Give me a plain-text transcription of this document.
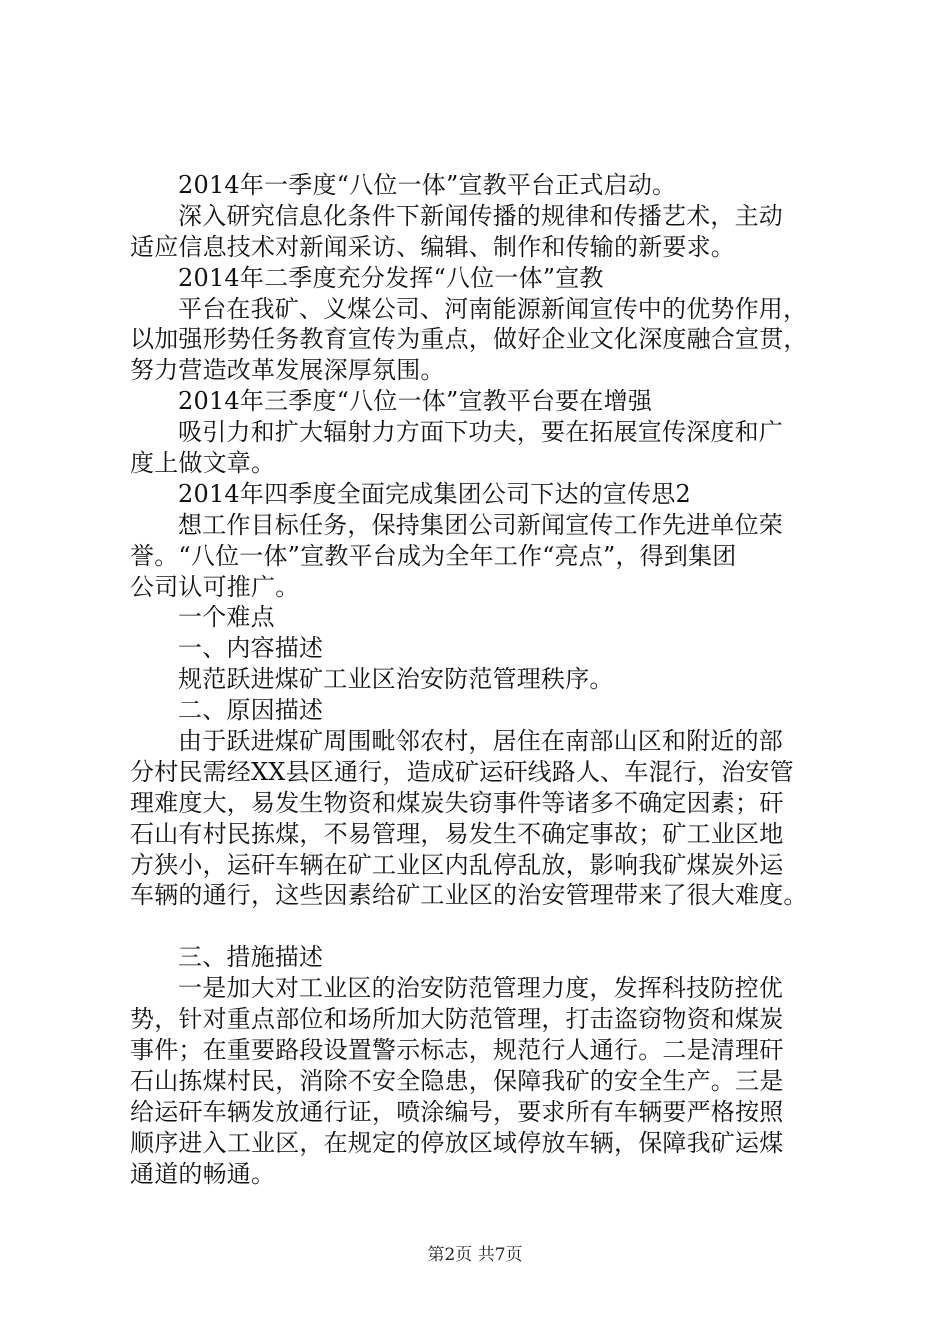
2014年一季度“八位一体”宣教平台正式启动。
深入研究信息化条件下新闻传播的规律和传播艺术，主动
适应信息技术对新闻采访、编辑、制作和传输的新要求。
2014年二季度充分发挥“八位一体”宣教
平台在我矿、义煤公司、河南能源新闻宣传中的优势作用，
以加强形势任务教育宣传为重点，做好企业文化深度融合宣贯，
努力营造改革发展深厚氛围。
2014年三季度“八位一体”宣教平台要在增强
吸引力和扩大辐射力方面下功夫，要在拓展宣传深度和广
度上做文章。
2014年四季度全面完成集团公司下达的宣传思2
想工作目标任务，保持集团公司新闻宣传工作先进单位荣
誉。“八位一体”宣教平台成为全年工作“亮点”，得到集团
公司认可推广。
一个难点
一、内容描述
规范跃进煤矿工业区治安防范管理秩序。
二、原因描述
由于跃进煤矿周围毗邻农村，居住在南部山区和附近的部
分村民需经XX县区通行，造成矿运矸线路人、车混行，治安管
理难度大，易发生物资和煤炭失窃事件等诸多不确定因素；矸
石山有村民拣煤，不易管理，易发生不确定事故；矿工业区地
方狭小，运矸车辆在矿工业区内乱停乱放，影响我矿煤炭外运
车辆的通行，这些因素给矿工业区的治安管理带来了很大难度。
三、措施描述
一是加大对工业区的治安防范管理力度，发挥科技防控优
势，针对重点部位和场所加大防范管理，打击盗窃物资和煤炭
事件；在重要路段设置警示标志，规范行人通行。二是清理矸
石山拣煤村民，消除不安全隐患，保障我矿的安全生产。三是
给运矸车辆发放通行证，喷涂编号，要求所有车辆要严格按照
顺序进入工业区，在规定的停放区域停放车辆，保障我矿运煤
通道的畅通。
第2页 共7页
